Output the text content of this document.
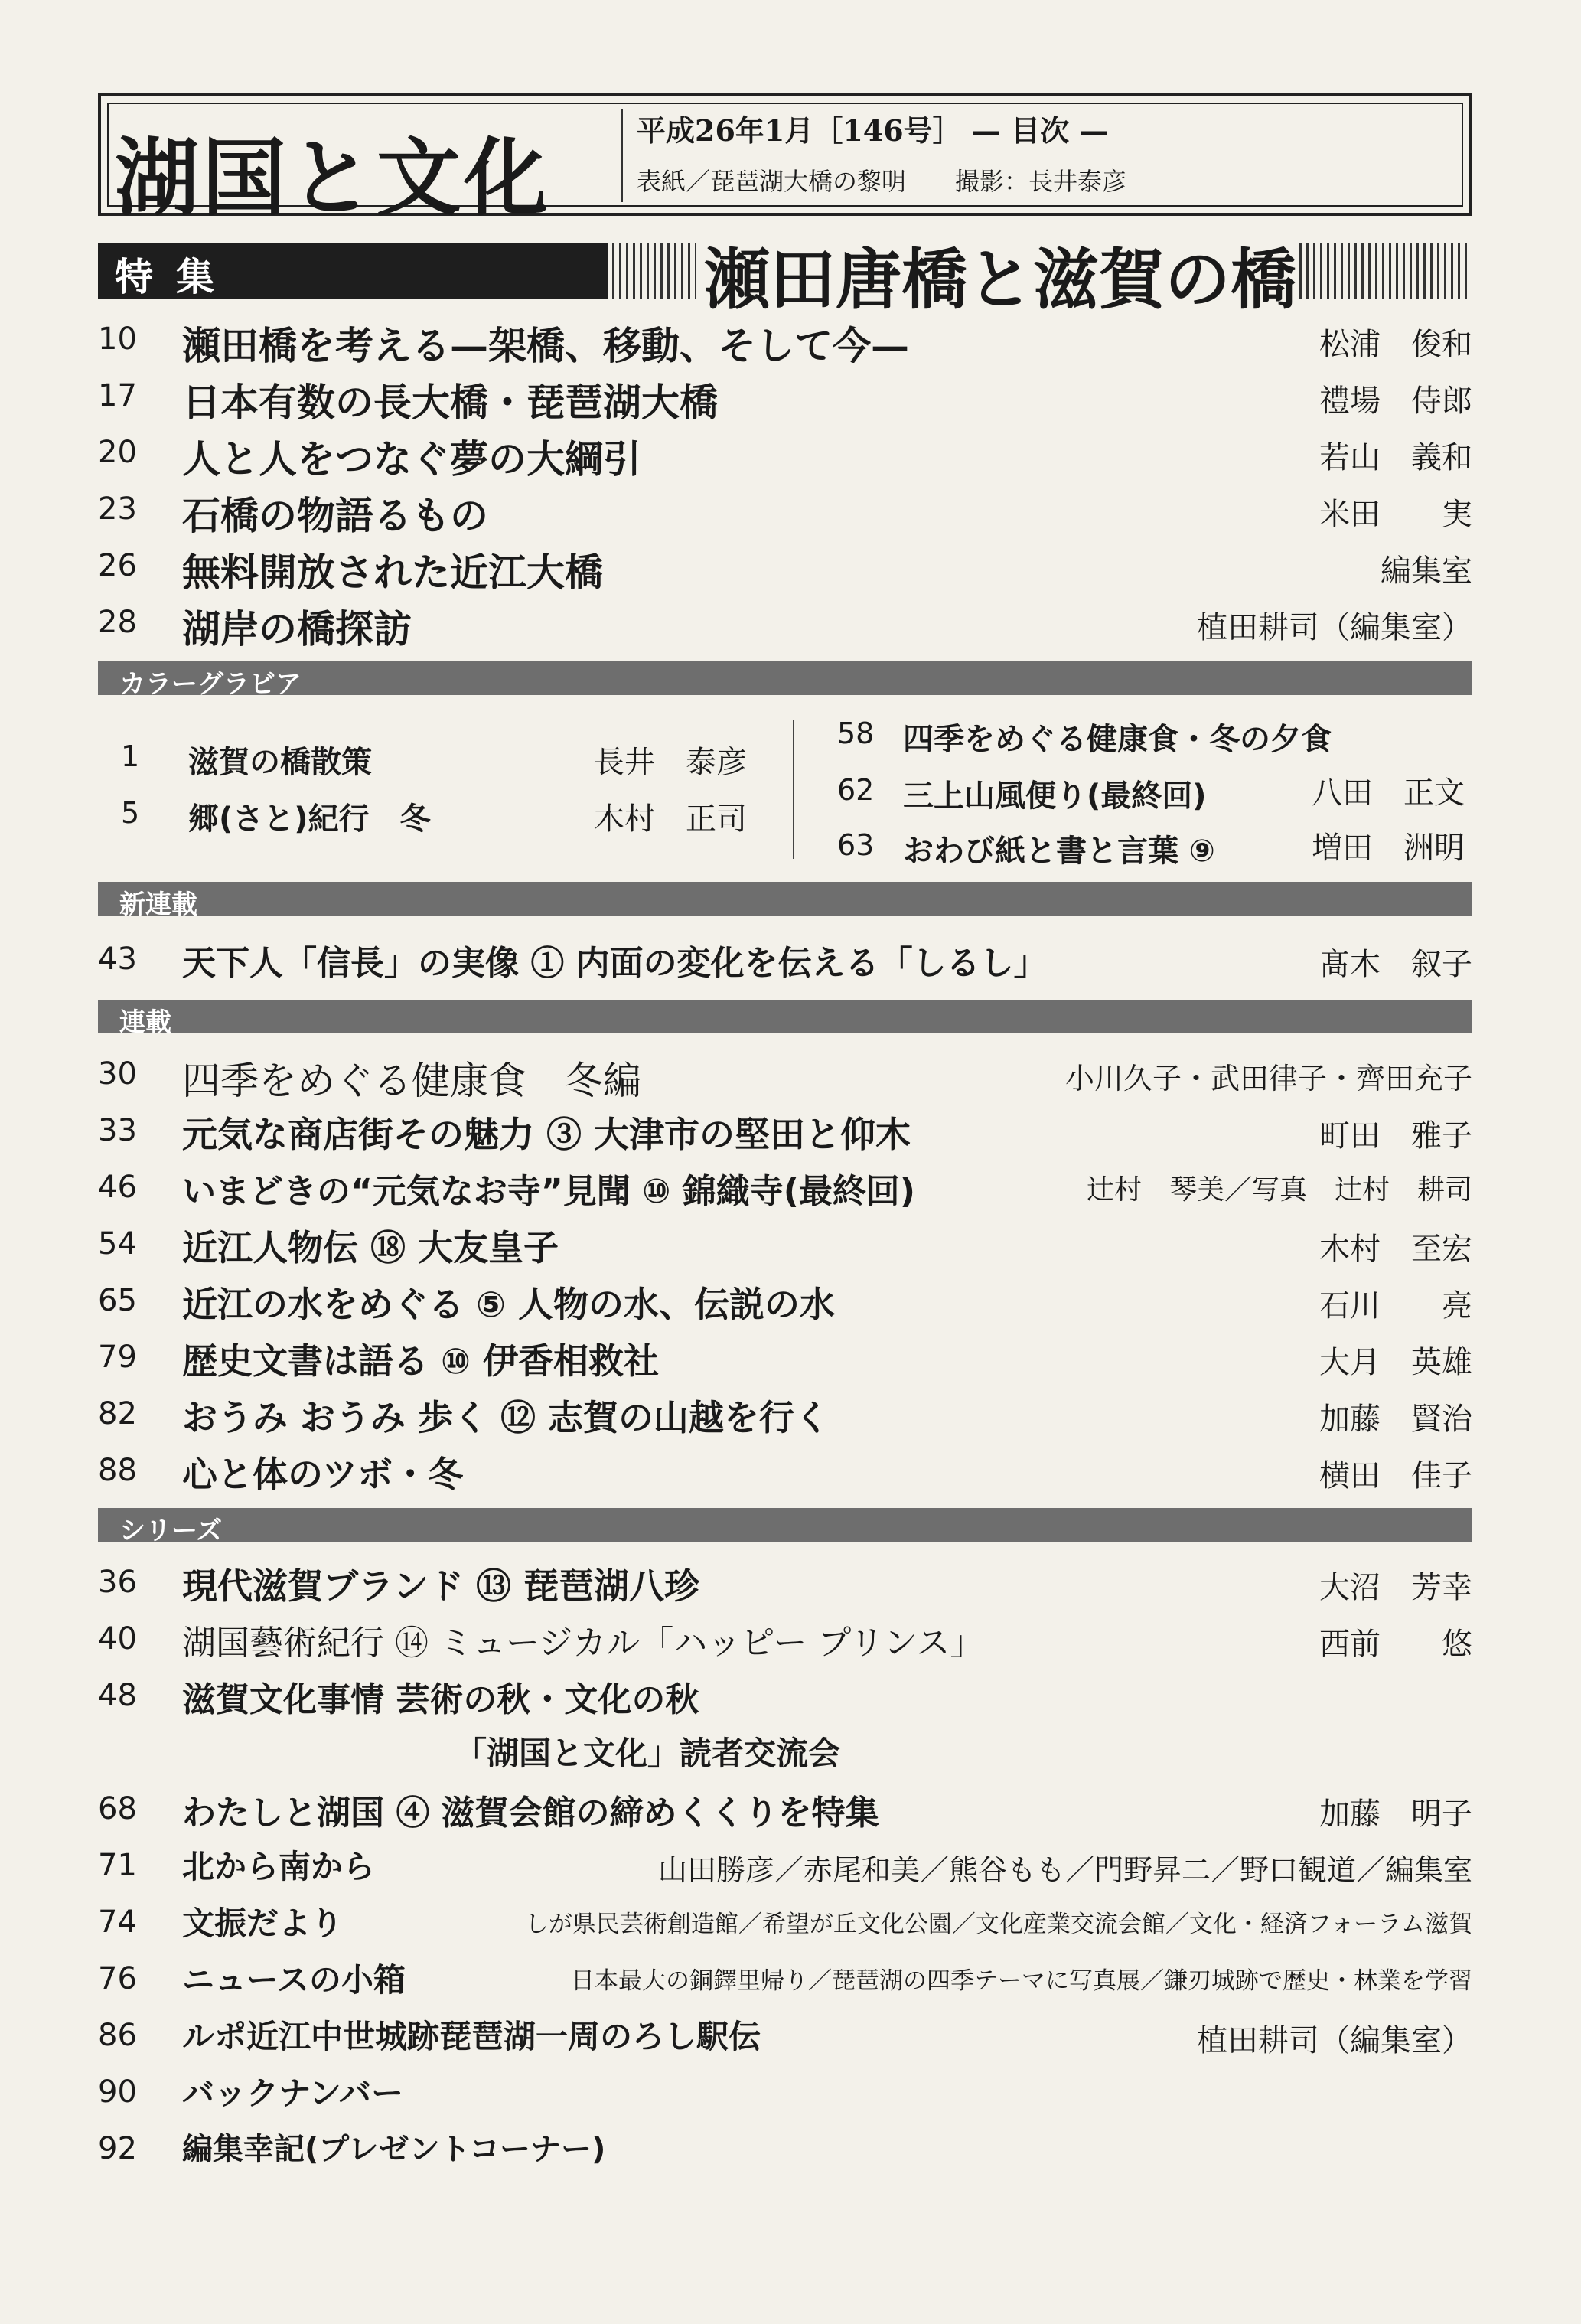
湖国と文化	平成26年1月［146号］ — 目次 —
表紙／琵琶湖大橋の黎明　　撮影：長井泰彦
特集	瀬田唐橋と滋賀の橋
10	瀬田橋を考える—架橋、移動、そして今—	松浦　俊和
17	日本有数の長大橋・琵琶湖大橋	禮場　侍郎
20	人と人をつなぐ夢の大綱引	若山　義和
23	石橋の物語るもの	米田　　実
26	無料開放された近江大橋	編集室
28	湖岸の橋探訪	植田耕司（編集室）
カラーグラビア
1 滋賀の橋散策	長井　泰彦
5 郷(さと)紀行　冬	木村　正司
58 四季をめぐる健康食・冬の夕食
62 三上山風便り(最終回)	八田　正文
63 おわび紙と書と言葉 ⑨	増田　洲明
新連載
43	天下人「信長」の実像 ① 内面の変化を伝える「しるし」	髙木　叙子
連載
30	四季をめぐる健康食　冬編	小川久子・武田律子・齊田充子
33	元気な商店街その魅力 ③ 大津市の堅田と仰木	町田　雅子
46	いまどきの“元気なお寺”見聞 ⑩ 錦織寺(最終回)	辻村　琴美／写真　辻村　耕司
54	近江人物伝 ⑱ 大友皇子	木村　至宏
65	近江の水をめぐる ⑤ 人物の水、伝説の水	石川　　亮
79	歴史文書は語る ⑩ 伊香相救社	大月　英雄
82	おうみ おうみ 歩く ⑫ 志賀の山越を行く	加藤　賢治
88	心と体のツボ・冬	横田　佳子
シリーズ
36	現代滋賀ブランド ⑬ 琵琶湖八珍	大沼　芳幸
40	湖国藝術紀行 ⑭ ミュージカル「ハッピー プリンス」	西前　　悠
48	滋賀文化事情 芸術の秋・文化の秋
「湖国と文化」読者交流会
68	わたしと湖国 ④ 滋賀会館の締めくくりを特集	加藤　明子
71	北から南から	山田勝彦／赤尾和美／熊谷もも／門野昇二／野口観道／編集室
74	文振だより	しが県民芸術創造館／希望が丘文化公園／文化産業交流会館／文化・経済フォーラム滋賀
76	ニュースの小箱	日本最大の銅鐸里帰り／琵琶湖の四季テーマに写真展／鎌刃城跡で歴史・林業を学習
86	ルポ近江中世城跡琵琶湖一周のろし駅伝	植田耕司（編集室）
90	バックナンバー
92	編集幸記(プレゼントコーナー)
